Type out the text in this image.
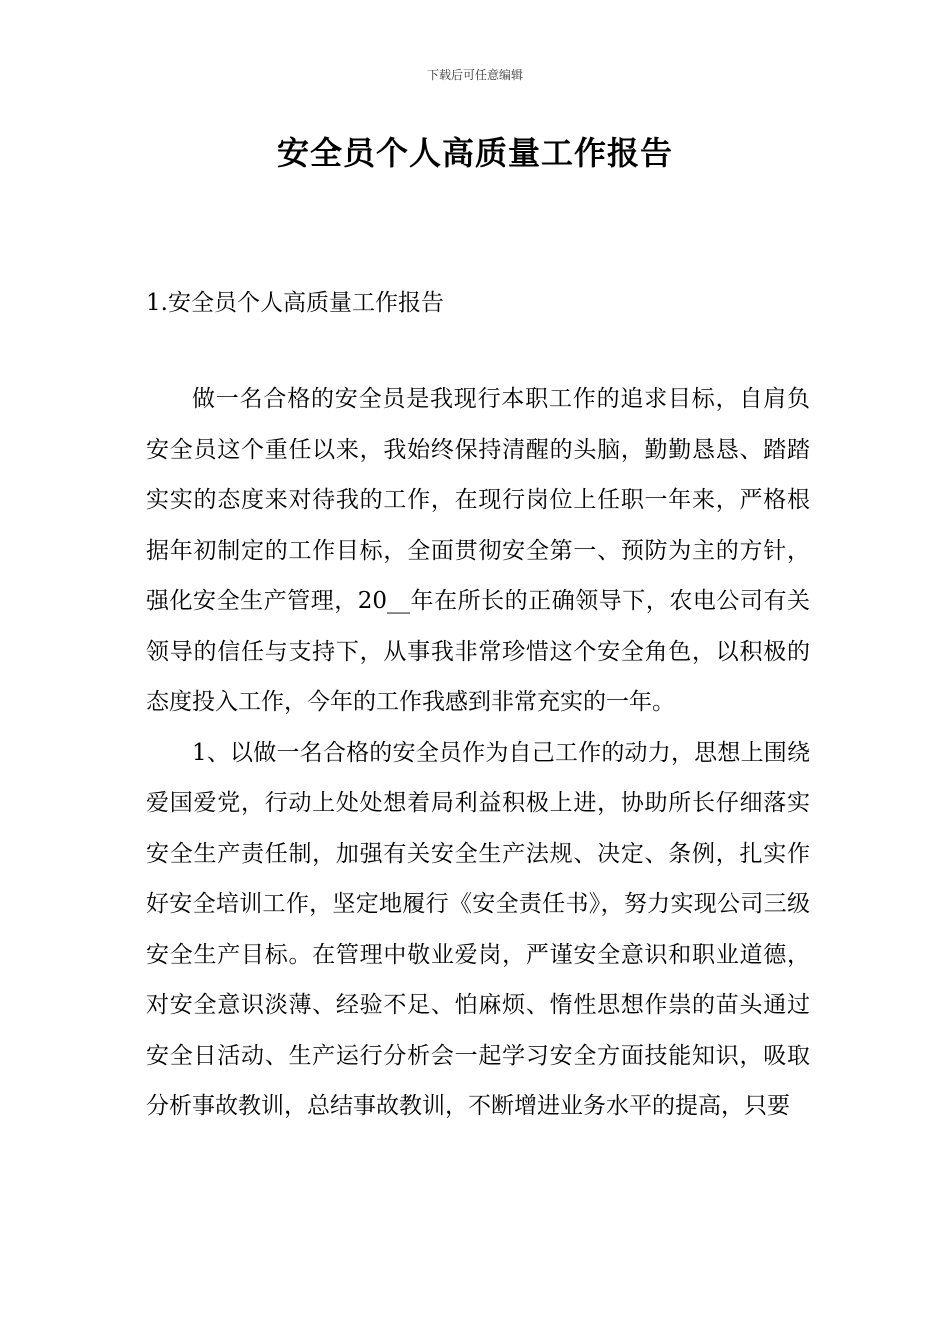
下载后可任意编辑
安全员个人高质量工作报告
1.安全员个人高质量工作报告

做一名合格的安全员是我现行本职工作的追求目标，自肩负安全员这个重任以来，我始终保持清醒的头脑，勤勤恳恳、踏踏实实的态度来对待我的工作，在现行岗位上任职一年来，严格根据年初制定的工作目标，全面贯彻安全第一、预防为主的方针，强化安全生产管理，20__年在所长的正确领导下，农电公司有关领导的信任与支持下，从事我非常珍惜这个安全角色，以积极的态度投入工作，今年的工作我感到非常充实的一年。

1、以做一名合格的安全员作为自己工作的动力，思想上围绕爱国爱党，行动上处处想着局利益积极上进，协助所长仔细落实安全生产责任制，加强有关安全生产法规、决定、条例，扎实作好安全培训工作，坚定地履行《安全责任书》，努力实现公司三级安全生产目标。在管理中敬业爱岗，严谨安全意识和职业道德，对安全意识淡薄、经验不足、怕麻烦、惰性思想作祟的苗头通过安全日活动、生产运行分析会一起学习安全方面技能知识，吸取分析事故教训，总结事故教训，不断增进业务水平的提高，只要
